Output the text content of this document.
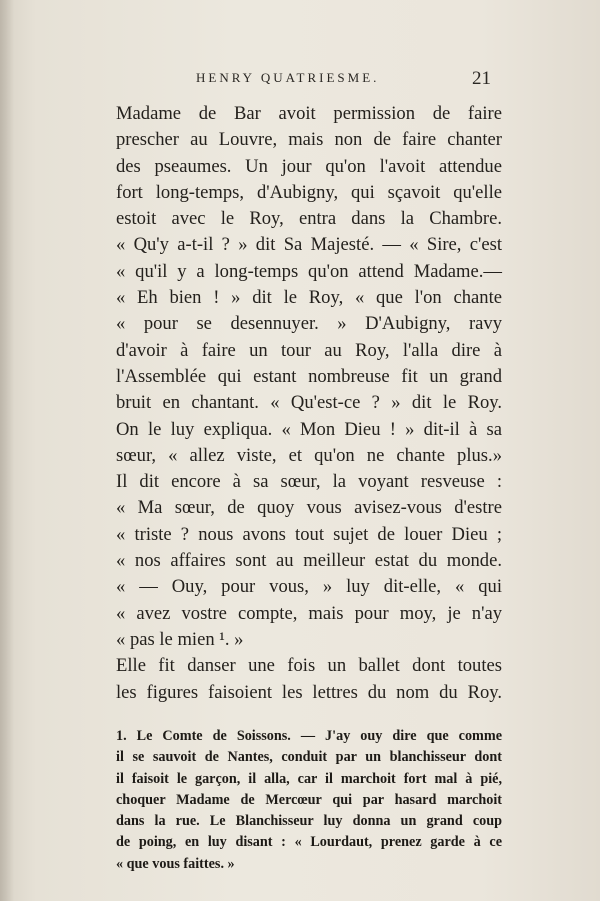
HENRY QUATRIESME.	21
Madame de Bar avoit permission de faire
prescher au Louvre, mais non de faire chanter
des pseaumes. Un jour qu'on l'avoit attendue
fort long-temps, d'Aubigny, qui sçavoit qu'elle
estoit avec le Roy, entra dans la Chambre.
« Qu'y a-t-il ? » dit Sa Majesté. — « Sire, c'est
« qu'il y a long-temps qu'on attend Madame.—
« Eh bien ! » dit le Roy, « que l'on chante
« pour se desennuyer. » D'Aubigny, ravy
d'avoir à faire un tour au Roy, l'alla dire à
l'Assemblée qui estant nombreuse fit un grand
bruit en chantant. « Qu'est-ce ? » dit le Roy.
On le luy expliqua. « Mon Dieu ! » dit-il à sa
sœur, « allez viste, et qu'on ne chante plus.»
Il dit encore à sa sœur, la voyant resveuse :
« Ma sœur, de quoy vous avisez-vous d'estre
« triste ? nous avons tout sujet de louer Dieu ;
« nos affaires sont au meilleur estat du monde.
« — Ouy, pour vous, » luy dit-elle, « qui
« avez vostre compte, mais pour moy, je n'ay
« pas le mien ¹. »
Elle fit danser une fois un ballet dont toutes
les figures faisoient les lettres du nom du Roy.
1. Le Comte de Soissons. — J'ay ouy dire que comme
il se sauvoit de Nantes, conduit par un blanchisseur dont
il faisoit le garçon, il alla, car il marchoit fort mal à pié,
choquer Madame de Mercœur qui par hasard marchoit
dans la rue. Le Blanchisseur luy donna un grand coup
de poing, en luy disant : « Lourdaut, prenez garde à ce
« que vous faittes. »
